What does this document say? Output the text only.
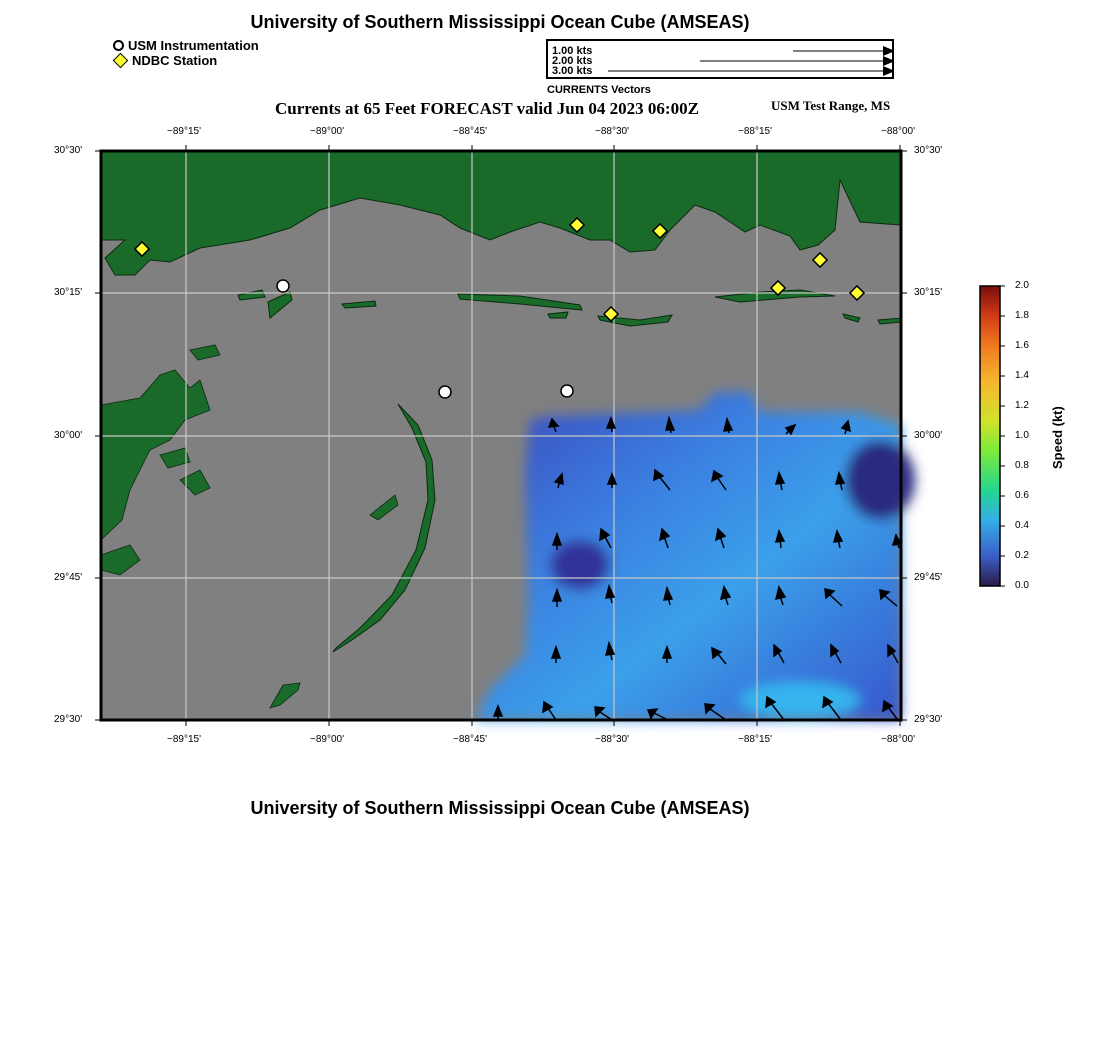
University of Southern Mississippi Ocean Cube (AMSEAS)
USM Instrumentation
NDBC Station
1.00 kts
2.00 kts
3.00 kts
CURRENTS Vectors
Currents at 65 Feet FORECAST valid Jun 04 2023 06:00Z	USM Test Range, MS
−89°15'	−89°00'	−88°45'	−88°30'	−88°15'	−88°00'
−89°15'	−89°00'	−88°45'	−88°30'	−88°15'	−88°00'
30°30'
30°15'
30°00'
29°45'
29°30'
30°30'
30°15'
30°00'
29°45'
29°30'
2.0
1.8
1.6
1.4
1.2
1.0
0.8
0.6
0.4
0.2
0.0
Speed (kt)
University of Southern Mississippi Ocean Cube (AMSEAS)
